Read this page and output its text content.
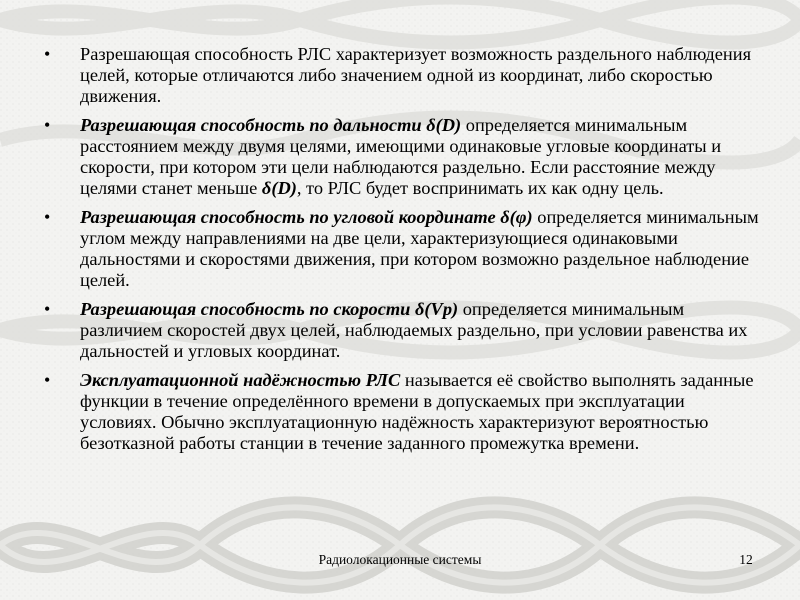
• Разрешающая способность РЛС характеризует возможность раздельного наблюдения целей, которые отличаются либо значением одной из координат, либо скоростью движения.
• Разрешающая способность по дальности δ(D) определяется минимальным расстоянием между двумя целями, имеющими одинаковые угловые координаты и скорости, при котором эти цели наблюдаются раздельно. Если расстояние между целями станет меньше δ(D), то РЛС будет воспринимать их как одну цель.
• Разрешающая способность по угловой координате δ(φ) определяется минимальным углом между направлениями на две цели, характеризующиеся одинаковыми дальностями и скоростями движения, при котором возможно раздельное наблюдение целей.
• Разрешающая способность по скорости δ(Vр) определяется минимальным различием скоростей двух целей, наблюдаемых раздельно, при условии равенства их дальностей и угловых координат.
• Эксплуатационной надёжностью РЛС называется её свойство выполнять заданные функции в течение определённого времени в допускаемых при эксплуатации условиях. Обычно эксплуатационную надёжность характеризуют вероятностью безотказной работы станции в течение заданного промежутка времени.
Радиолокационные системы	12
